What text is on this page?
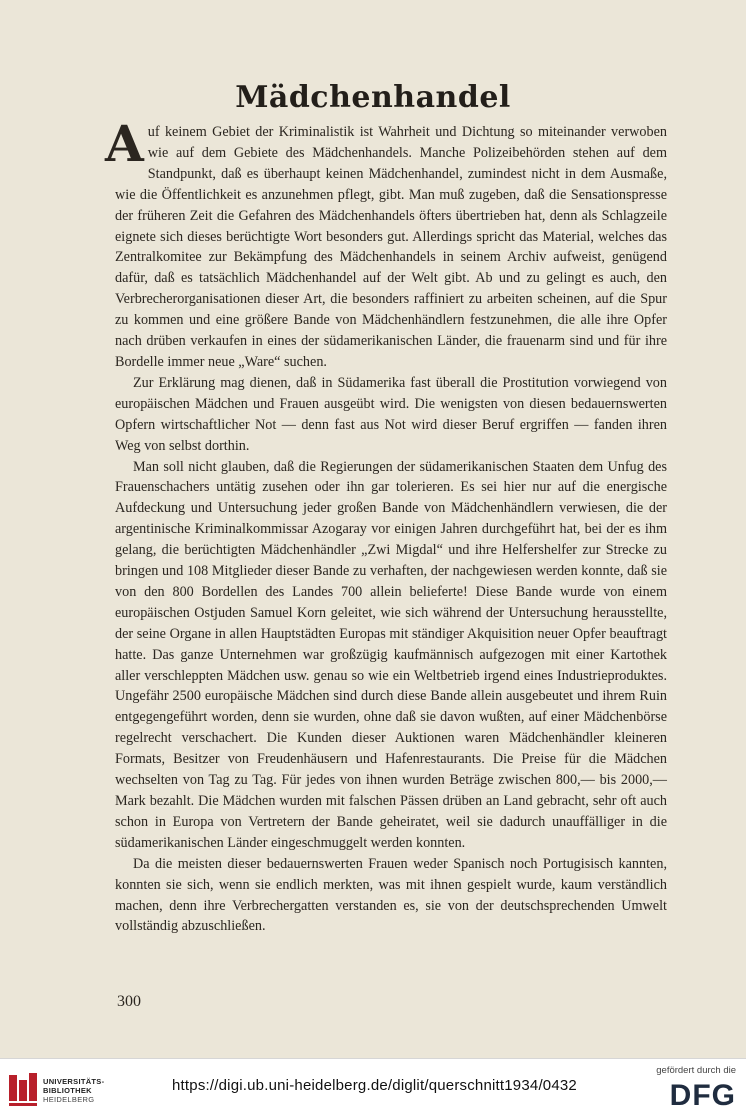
Mädchenhandel

Auf keinem Gebiet der Kriminalistik ist Wahrheit und Dichtung so miteinander verwoben wie auf dem Gebiete des Mädchenhandels. Manche Polizeibehörden stehen auf dem Standpunkt, daß es überhaupt keinen Mädchenhandel, zumindest nicht in dem Ausmaße, wie die Öffentlichkeit es anzunehmen pflegt, gibt. Man muß zugeben, daß die Sensationspresse der früheren Zeit die Gefahren des Mädchenhandels öfters übertrieben hat, denn als Schlagzeile eignete sich dieses berüchtigte Wort besonders gut. Allerdings spricht das Material, welches das Zentralkomitee zur Bekämpfung des Mädchenhandels in seinem Archiv aufweist, genügend dafür, daß es tatsächlich Mädchenhandel auf der Welt gibt. Ab und zu gelingt es auch, den Verbrecherorganisationen dieser Art, die besonders raffiniert zu arbeiten scheinen, auf die Spur zu kommen und eine größere Bande von Mädchenhändlern festzunehmen, die alle ihre Opfer nach drüben verkaufen in eines der südamerikanischen Länder, die frauenarm sind und für ihre Bordelle immer neue „Ware“ suchen.

Zur Erklärung mag dienen, daß in Südamerika fast überall die Prostitution vorwiegend von europäischen Mädchen und Frauen ausgeübt wird. Die wenigsten von diesen bedauernswerten Opfern wirtschaftlicher Not — denn fast aus Not wird dieser Beruf ergriffen — fanden ihren Weg von selbst dorthin.

Man soll nicht glauben, daß die Regierungen der südamerikanischen Staaten dem Unfug des Frauenschachers untätig zusehen oder ihn gar tolerieren. Es sei hier nur auf die energische Aufdeckung und Untersuchung jeder großen Bande von Mädchenhändlern verwiesen, die der argentinische Kriminalkommissar Azogaray vor einigen Jahren durchgeführt hat, bei der es ihm gelang, die berüchtigten Mädchenhändler „Zwi Migdal“ und ihre Helfershelfer zur Strecke zu bringen und 108 Mitglieder dieser Bande zu verhaften, der nachgewiesen werden konnte, daß sie von den 800 Bordellen des Landes 700 allein belieferte! Diese Bande wurde von einem europäischen Ostjuden Samuel Korn geleitet, wie sich während der Untersuchung herausstellte, der seine Organe in allen Hauptstädten Europas mit ständiger Akquisition neuer Opfer beauftragt hatte. Das ganze Unternehmen war großzügig kaufmännisch aufgezogen mit einer Kartothek aller verschleppten Mädchen usw. genau so wie ein Weltbetrieb irgend eines Industrieproduktes. Ungefähr 2500 europäische Mädchen sind durch diese Bande allein ausgebeutet und ihrem Ruin entgegengeführt worden, denn sie wurden, ohne daß sie davon wußten, auf einer Mädchenbörse regelrecht verschachert. Die Kunden dieser Auktionen waren Mädchenhändler kleineren Formats, Besitzer von Freudenhäusern und Hafenrestaurants. Die Preise für die Mädchen wechselten von Tag zu Tag. Für jedes von ihnen wurden Beträge zwischen 800,— bis 2000,— Mark bezahlt. Die Mädchen wurden mit falschen Pässen drüben an Land gebracht, sehr oft auch schon in Europa von Vertretern der Bande geheiratet, weil sie dadurch unauffälliger in die südamerikanischen Länder eingeschmuggelt werden konnten.

Da die meisten dieser bedauernswerten Frauen weder Spanisch noch Portugisisch kannten, konnten sie sich, wenn sie endlich merkten, was mit ihnen gespielt wurde, kaum verständlich machen, denn ihre Verbrechergatten verstanden es, sie von der deutschsprechenden Umwelt vollständig abzuschließen.

300
UNIVERSITÄTS-
BIBLIOTHEK
HEIDELBERG
https://digi.ub.uni-heidelberg.de/diglit/querschnitt1934/0432
gefördert durch die
DFG
